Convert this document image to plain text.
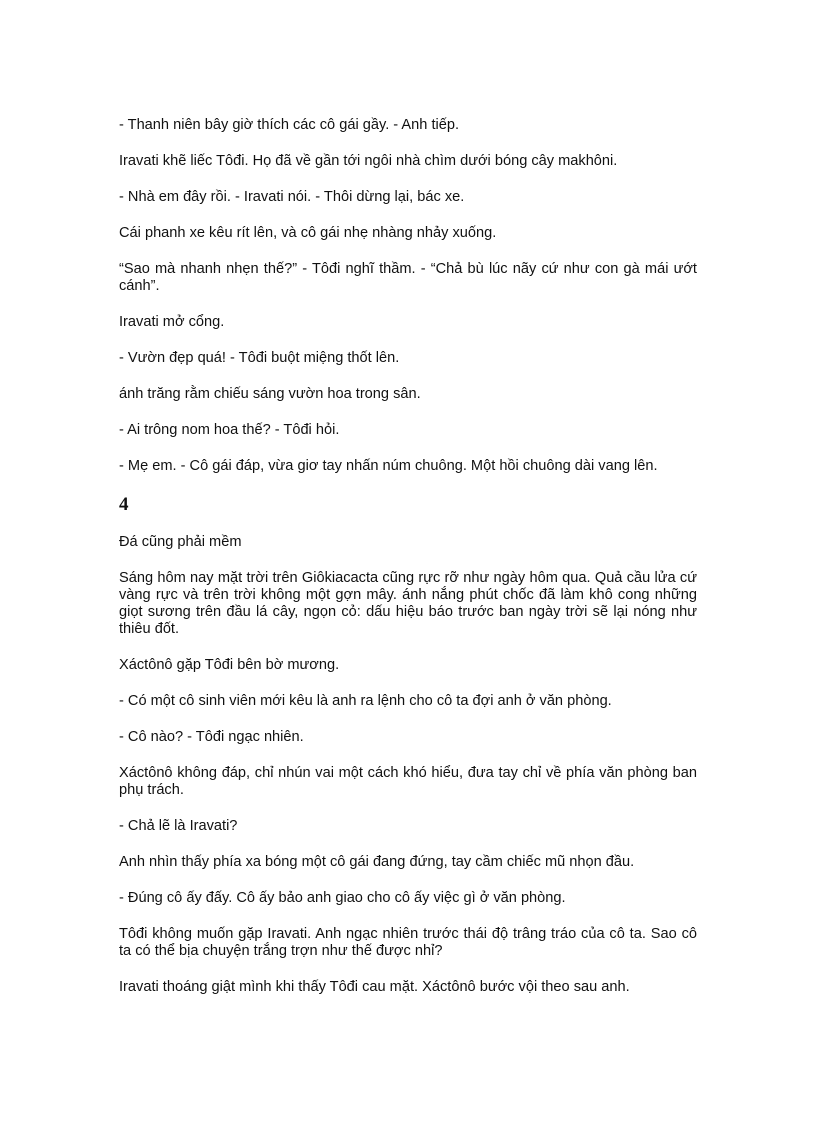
- Thanh niên bây giờ thích các cô gái gầy. - Anh tiếp.

Iravati khẽ liếc Tôđi. Họ đã về gần tới ngôi nhà chìm dưới bóng cây makhôni.

- Nhà em đây rồi. - Iravati nói. - Thôi dừng lại, bác xe.

Cái phanh xe kêu rít lên, và cô gái nhẹ nhàng nhảy xuống.

“Sao mà nhanh nhẹn thế?” - Tôđi nghĩ thầm. - “Chả bù lúc nãy cứ như con gà mái ướt cánh”.

Iravati mở cổng.

- Vườn đẹp quá! - Tôđi buột miệng thốt lên.

ánh trăng rằm chiếu sáng vườn hoa trong sân.

- Ai trông nom hoa thế? - Tôđi hỏi.

- Mẹ em. - Cô gái đáp, vừa giơ tay nhấn núm chuông. Một hồi chuông dài vang lên.

4

Đá cũng phải mềm

Sáng hôm nay mặt trời trên Giôkiacacta cũng rực rỡ như ngày hôm qua. Quả cầu lửa cứ vàng rực và trên trời không một gợn mây. ánh nắng phút chốc đã làm khô cong những giọt sương trên đầu lá cây, ngọn cỏ: dấu hiệu báo trước ban ngày trời sẽ lại nóng như thiêu đốt.

Xáctônô gặp Tôđi bên bờ mương.

- Có một cô sinh viên mới kêu là anh ra lệnh cho cô ta đợi anh ở văn phòng.

- Cô nào? - Tôđi ngạc nhiên.

Xáctônô không đáp, chỉ nhún vai một cách khó hiểu, đưa tay chỉ về phía văn phòng ban phụ trách.

- Chả lẽ là Iravati?

Anh nhìn thấy phía xa bóng một cô gái đang đứng, tay cầm chiếc mũ nhọn đầu.

- Đúng cô ấy đấy. Cô ấy bảo anh giao cho cô ấy việc gì ở văn phòng.

Tôđi không muốn gặp Iravati. Anh ngạc nhiên trước thái độ trâng tráo của cô ta. Sao cô ta có thể bịa chuyện trắng trợn như thế được nhỉ?

Iravati thoáng giật mình khi thấy Tôđi cau mặt. Xáctônô bước vội theo sau anh.
